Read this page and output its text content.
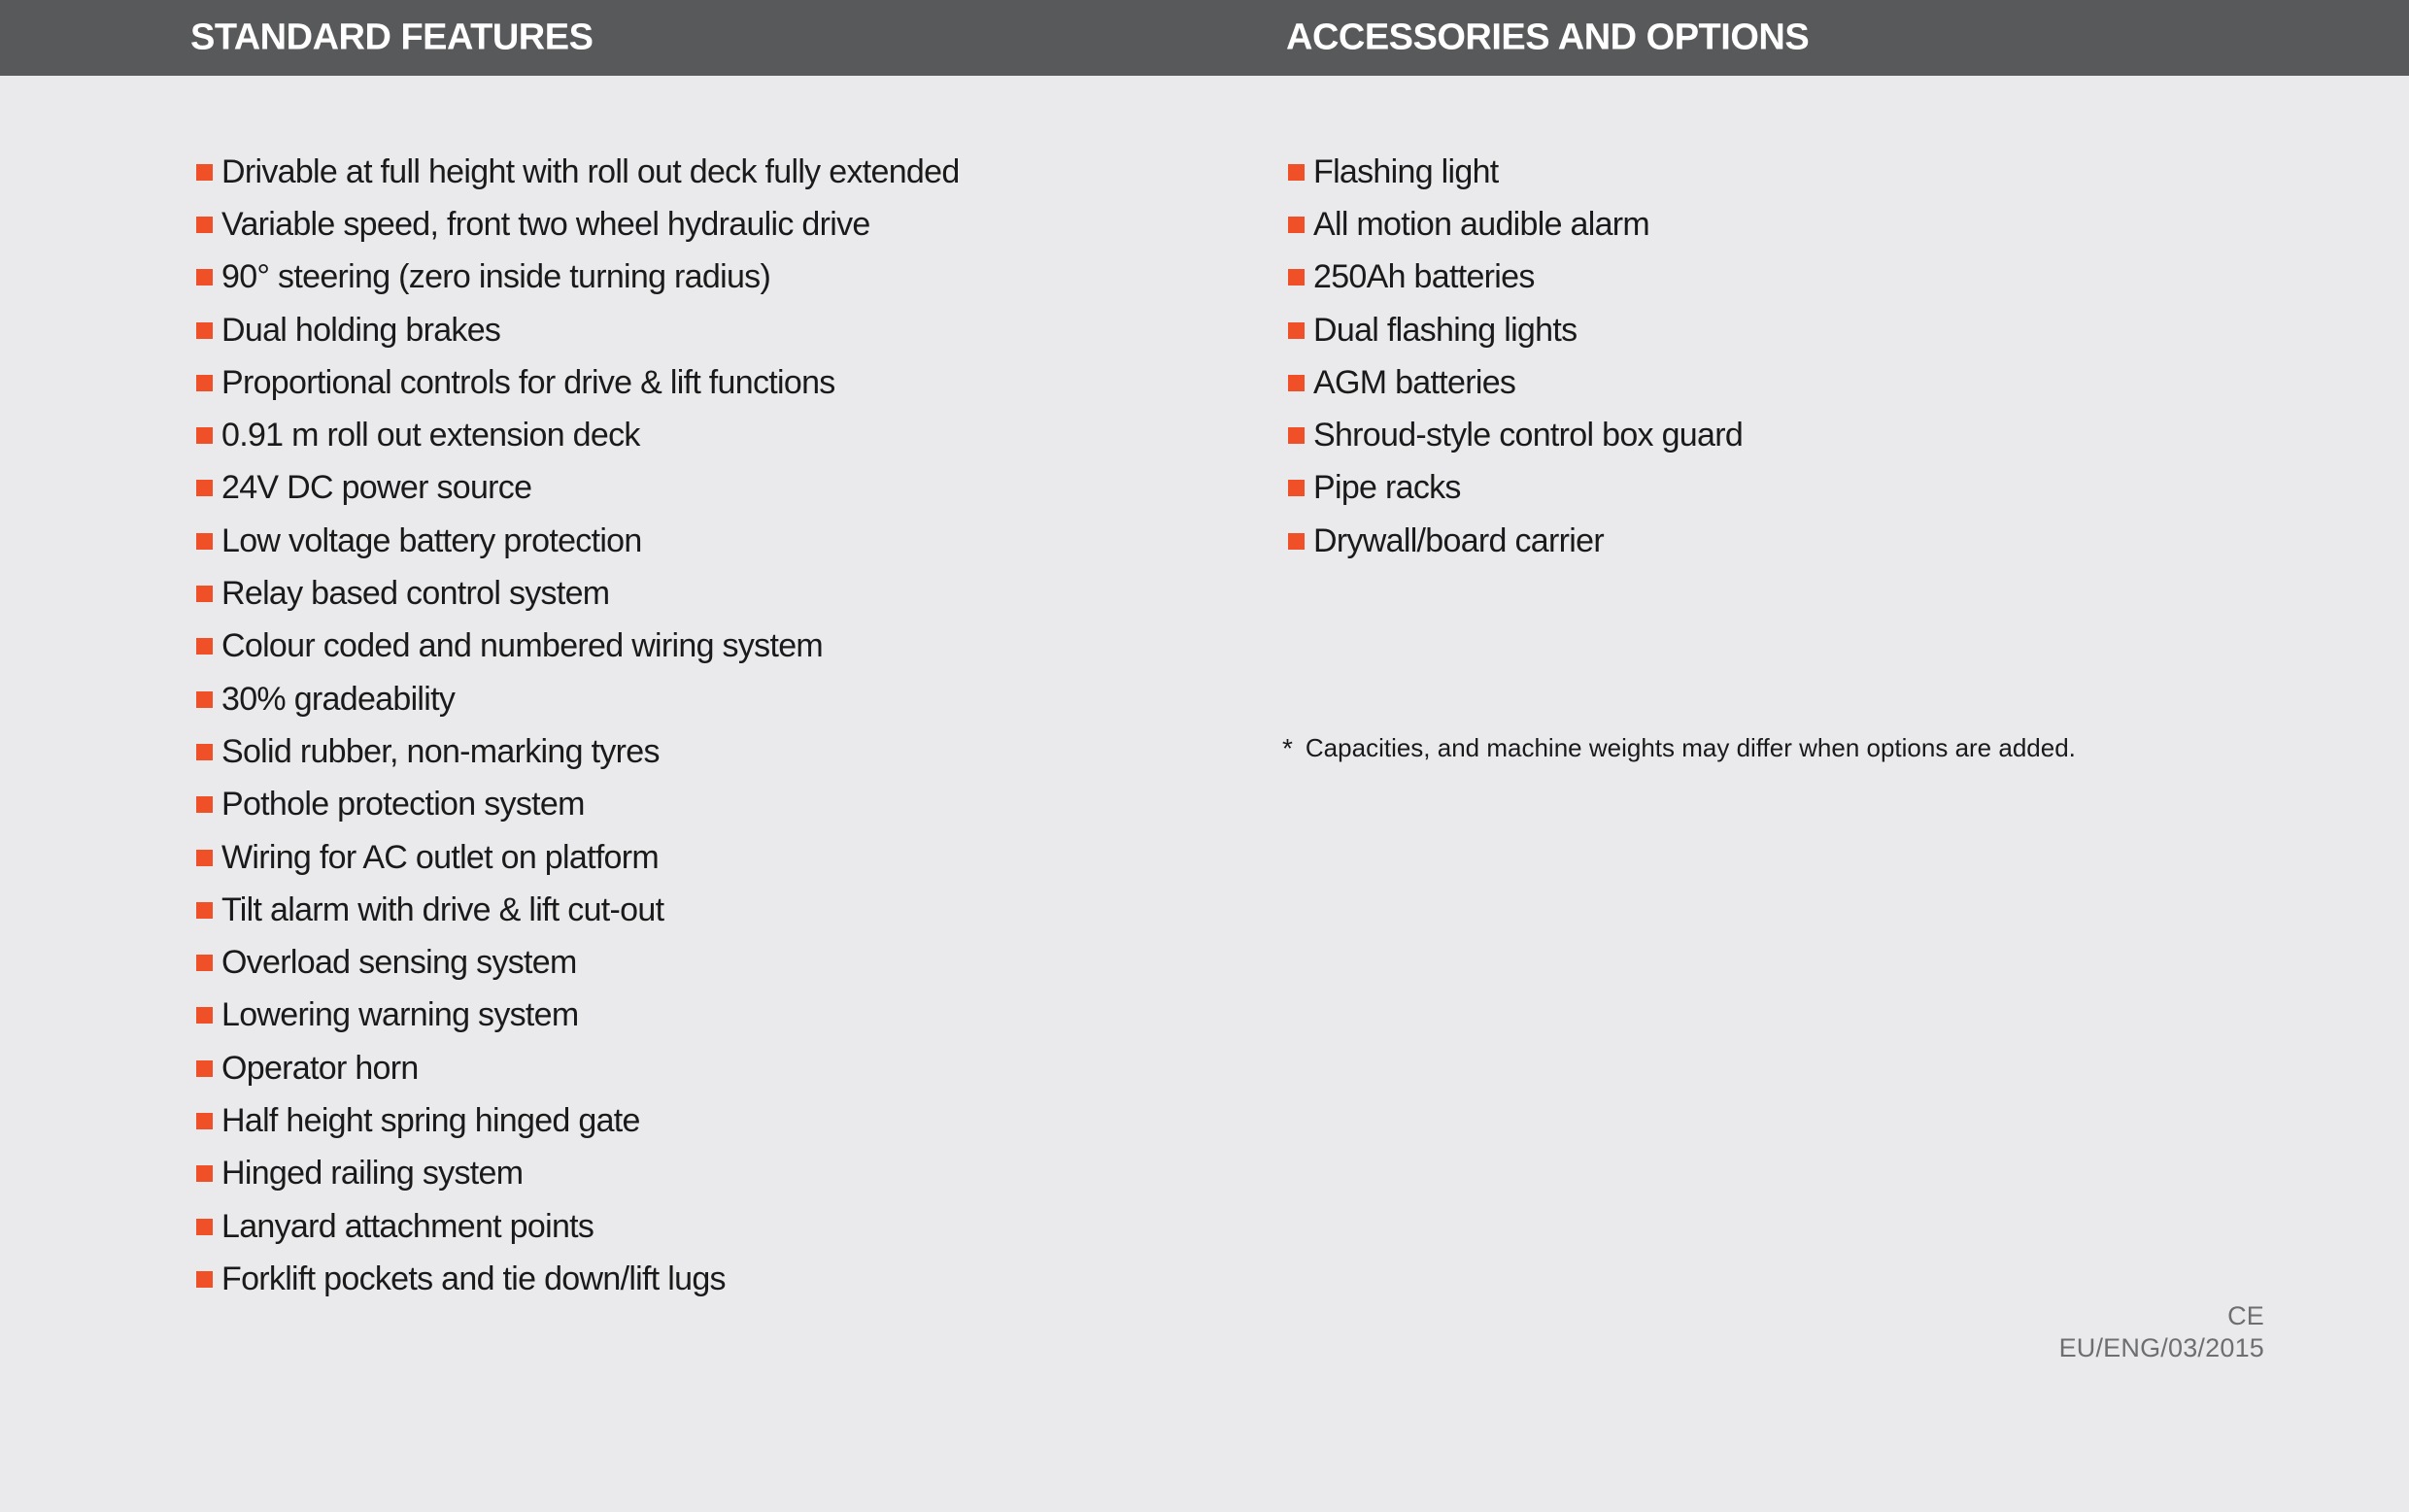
STANDARD FEATURES	ACCESSORIES AND OPTIONS
Drivable at full height with roll out deck fully extended
Variable speed, front two wheel hydraulic drive
90° steering (zero inside turning radius)
Dual holding brakes
Proportional controls for drive & lift functions
0.91 m roll out extension deck
24V DC power source
Low voltage battery protection
Relay based control system
Colour coded and numbered wiring system
30% gradeability
Solid rubber, non-marking tyres
Pothole protection system
Wiring for AC outlet on platform
Tilt alarm with drive & lift cut-out
Overload sensing system
Lowering warning system
Operator horn
Half height spring hinged gate
Hinged railing system
Lanyard attachment points
Forklift pockets and tie down/lift lugs
Flashing light
All motion audible alarm
250Ah batteries
Dual flashing lights
AGM batteries
Shroud-style control box guard
Pipe racks
Drywall/board carrier

* Capacities, and machine weights may differ when options are added.

CE
EU/ENG/03/2015
